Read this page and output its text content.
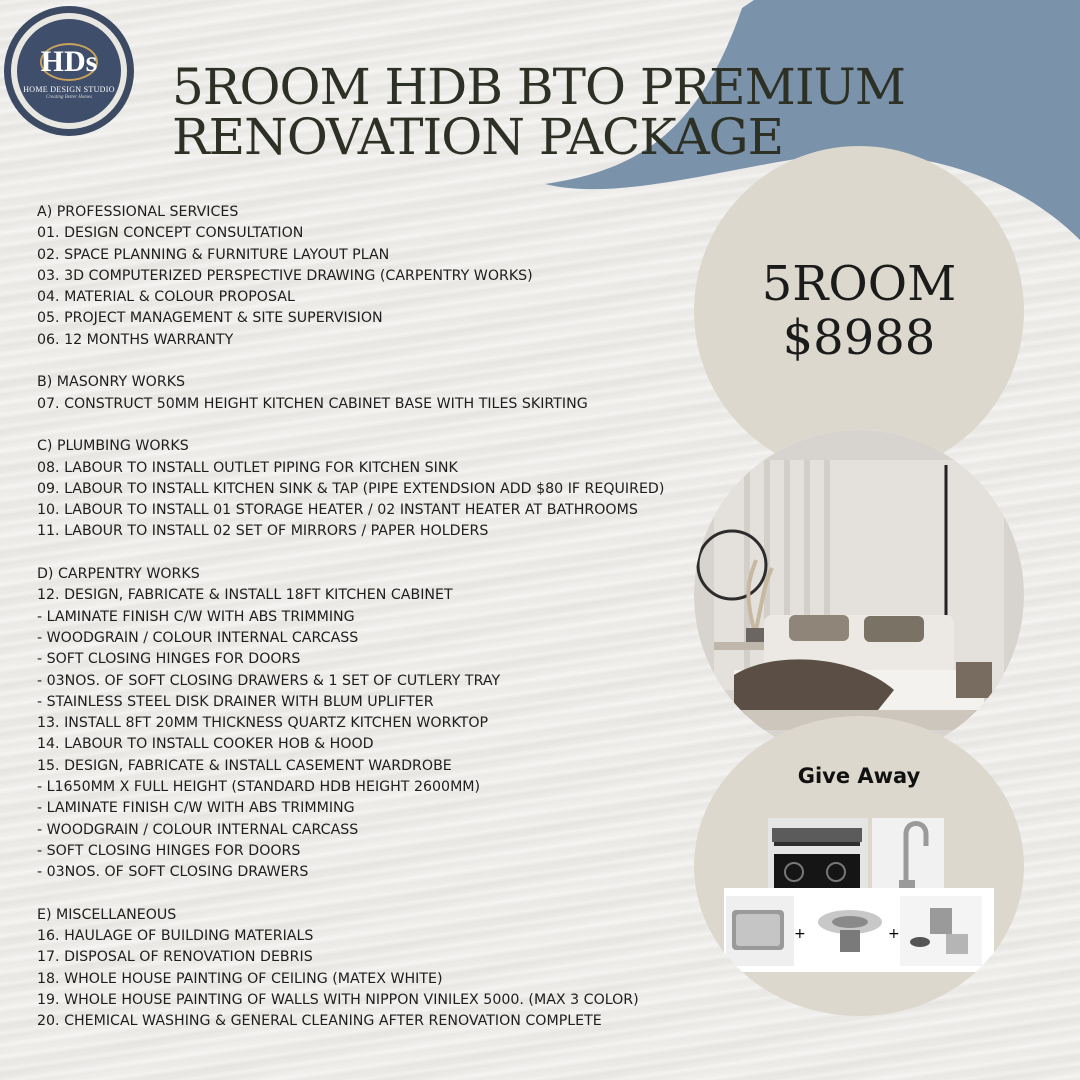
HDs
HOME DESIGN STUDIO
Creating Better Homes 5ROOM HDB BTO PREMIUM
RENOVATION PACKAGE
A) PROFESSIONAL SERVICES
01. DESIGN CONCEPT CONSULTATION
02. SPACE PLANNING & FURNITURE LAYOUT PLAN
03. 3D COMPUTERIZED PERSPECTIVE DRAWING (CARPENTRY WORKS)
04. MATERIAL & COLOUR PROPOSAL
05. PROJECT MANAGEMENT & SITE SUPERVISION
06. 12 MONTHS WARRANTY
B) MASONRY WORKS
07. CONSTRUCT 50MM HEIGHT KITCHEN CABINET BASE WITH TILES SKIRTING
C) PLUMBING WORKS
08. LABOUR TO INSTALL OUTLET PIPING FOR KITCHEN SINK
09. LABOUR TO INSTALL KITCHEN SINK & TAP (PIPE EXTENDSION ADD $80 IF REQUIRED)
10. LABOUR TO INSTALL 01 STORAGE HEATER / 02 INSTANT HEATER AT BATHROOMS
11. LABOUR TO INSTALL 02 SET OF MIRRORS / PAPER HOLDERS
D) CARPENTRY WORKS
12. DESIGN, FABRICATE & INSTALL 18FT KITCHEN CABINET
- LAMINATE FINISH C/W WITH ABS TRIMMING
- WOODGRAIN / COLOUR INTERNAL CARCASS
- SOFT CLOSING HINGES FOR DOORS
- 03NOS. OF SOFT CLOSING DRAWERS & 1 SET OF CUTLERY TRAY
- STAINLESS STEEL DISK DRAINER WITH BLUM UPLIFTER
13. INSTALL 8FT 20MM THICKNESS QUARTZ KITCHEN WORKTOP
14. LABOUR TO INSTALL COOKER HOB & HOOD
15. DESIGN, FABRICATE & INSTALL CASEMENT WARDROBE
- L1650MM X FULL HEIGHT (STANDARD HDB HEIGHT 2600MM)
- LAMINATE FINISH C/W WITH ABS TRIMMING
- WOODGRAIN / COLOUR INTERNAL CARCASS
- SOFT CLOSING HINGES FOR DOORS
- 03NOS. OF SOFT CLOSING DRAWERS
E) MISCELLANEOUS
16. HAULAGE OF BUILDING MATERIALS
17. DISPOSAL OF RENOVATION DEBRIS
18. WHOLE HOUSE PAINTING OF CEILING (MATEX WHITE)
19. WHOLE HOUSE PAINTING OF WALLS WITH NIPPON VINILEX 5000. (MAX 3 COLOR)
20. CHEMICAL WASHING & GENERAL CLEANING AFTER RENOVATION COMPLETE
5ROOM
$8988
Give Away
+	+
